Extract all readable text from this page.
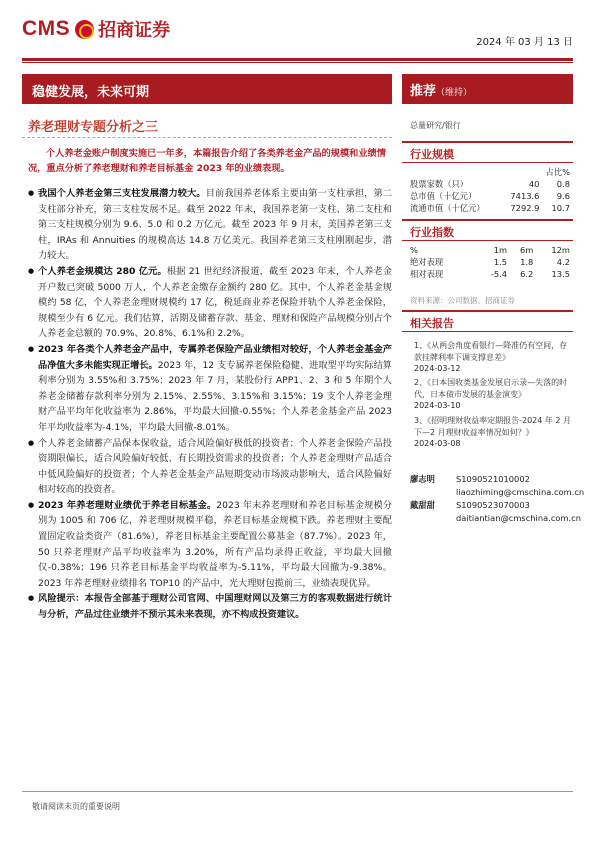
CMS 招商证券
2024 年 03 月 13 日
稳健发展，未来可期
养老理财专题分析之三
个人养老金账户制度实施已一年多，本篇报告介绍了各类养老金产品的规模和业绩情况，重点分析了养老理财和养老目标基金 2023 年的业绩表现。

● 我国个人养老金第三支柱发展潜力较大。目前我国养老体系主要由第一支柱承担，第二支柱部分补充，第三支柱发展不足。截至 2022 年末，我国养老第一支柱、第二支柱和第三支柱规模分别为 9.6、5.0 和 0.2 万亿元。截至 2023 年 9 月末，美国养老第三支柱，IRAs 和 Annuities 的规模高达 14.8 万亿美元。我国养老第三支柱刚刚起步，潜力较大。

● 个人养老金规模达 280 亿元。根据 21 世纪经济报道，截至 2023 年末，个人养老金开户数已突破 5000 万人，个人养老金缴存金额约 280 亿。其中，个人养老金基金规模约 58 亿，个人养老金理财规模约 17 亿，税延商业养老保险并轨个人养老金保险，规模至少有 6 亿元。我们估算，活期及储蓄存款、基金、理财和保险产品规模分别占个人养老金总额的 70.9%、20.8%、6.1%和 2.2%。

● 2023 年各类个人养老金产品中，专属养老保险产品业绩相对较好，个人养老金基金产品净值大多未能实现正增长。2023 年，12 支专属养老保险稳健、进取型平均实际结算利率分别为 3.55%和 3.75%；2023 年 7 月，某股份行 APP1、2、3 和 5 年期个人养老金储蓄存款利率分别为 2.15%、2.55%、3.15%和 3.15%；19 支个人养老金理财产品平均年化收益率为 2.86%，平均最大回撤-0.55%；个人养老金基金产品 2023 年平均收益率为-4.1%，平均最大回撤-8.01%。

● 个人养老金储蓄产品保本保收益，适合风险偏好极低的投资者；个人养老金保险产品投资期限偏长，适合风险偏好较低、有长期投资需求的投资者；个人养老金理财产品适合中低风险偏好的投资者；个人养老金基金产品短期变动市场波动影响大，适合风险偏好相对较高的投资者。

● 2023 年养老理财业绩优于养老目标基金。2023 年末养老理财和养老目标基金规模分别为 1005 和 706 亿，养老理财规模平稳，养老目标基金规模下跌。养老理财主要配置固定收益类资产（81.6%），养老目标基金主要配置公募基金（87.7%）。2023 年，50 只养老理财产品平均收益率为 3.20%，所有产品均录得正收益，平均最大回撤仅-0.38%；196 只养老目标基金平均收益率为-5.11%，平均最大回撤为-9.38%。2023 年养老理财业绩排名 TOP10 的产品中，光大理财包揽前三，业绩表现优异。

● 风险提示：本报告全部基于理财公司官网、中国理财网以及第三方的客观数据进行统计与分析，产品过往业绩并不预示其未来表现，亦不构成投资建议。

推荐（维持）
总量研究/银行
行业规模
		占比%
股票家数（只）	40	0.8
总市值（十亿元）	7413.6	9.6
流通市值（十亿元）	7292.9	10.7
行业指数
%	1m	6m	12m
绝对表现	1.5	1.8	4.2
相对表现	-5.4	6.2	13.5
资料来源：公司数据、招商证券
相关报告
1、《从两会角度看银行—降准仍有空间，存款挂牌利率下调支撑息差》
2024-03-12
2、《日本国收类基金发展启示录—失落的时代，日本债市发展的基金演变》
2024-03-10
3、《招明理财收益率定期报告-2024 年 2 月下—2 月理财收益率情况如何？》
2024-03-08
廖志明	S1090521010002
liaozhiming@cmschina.com.cn
戴甜甜	S1090523070003
daitiantian@cmschina.com.cn
敬请阅读末页的重要说明
